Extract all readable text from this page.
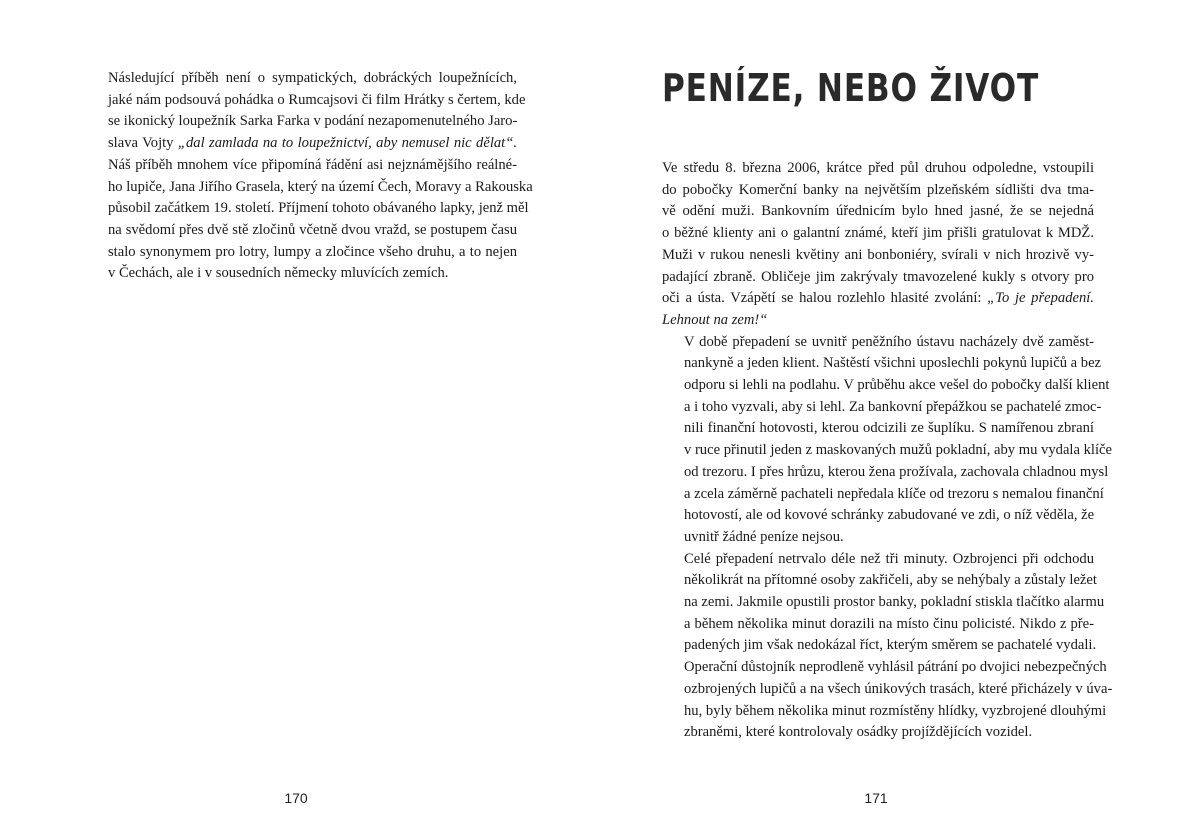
Následující příběh není o sympatických, dobráckých loupežnících,
jaké nám podsouvá pohádka o Rumcajsovi či film Hrátky s čertem, kde
se ikonický loupežník Sarka Farka v podání nezapomenutelného Jaro-
slava Vojty „dal zamlada na to loupežnictví, aby nemusel nic dělat“.

Náš příběh mnohem více připomíná řádění asi nejznámějšího reálné-
ho lupiče, Jana Jiřího Grasela, který na území Čech, Moravy a Rakouska
působil začátkem 19. století. Příjmení tohoto obávaného lapky, jenž měl
na svědomí přes dvě stě zločinů včetně dvou vražd, se postupem času
stalo synonymem pro lotry, lumpy a zločince všeho druhu, a to nejen
v Čechách, ale i v sousedních německy mluvících zemích.

170
PENÍZE, NEBO ŽIVOT

Ve středu 8. března 2006, krátce před půl druhou odpoledne, vstoupili
do pobočky Komerční banky na největším plzeňském sídlišti dva tma-
vě odění muži. Bankovním úřednicím bylo hned jasné, že se nejedná
o běžné klienty ani o galantní známé, kteří jim přišli gratulovat k MDŽ.
Muži v rukou nenesli květiny ani bonboniéry, svírali v nich hrozivě vy-
padající zbraně. Obličeje jim zakrývaly tmavozelené kukly s otvory pro
oči a ústa. Vzápětí se halou rozlehlo hlasité zvolání: „To je přepadení.
Lehnout na zem!“

V době přepadení se uvnitř peněžního ústavu nacházely dvě zaměst-
nankyně a jeden klient. Naštěstí všichni uposlechli pokynů lupičů a bez
odporu si lehli na podlahu. V průběhu akce vešel do pobočky další klient
a i toho vyzvali, aby si lehl. Za bankovní přepážkou se pachatelé zmoc-
nili finanční hotovosti, kterou odcizili ze šuplíku. S namířenou zbraní
v ruce přinutil jeden z maskovaných mužů pokladní, aby mu vydala klíče
od trezoru. I přes hrůzu, kterou žena prožívala, zachovala chladnou mysl
a zcela záměrně pachateli nepředala klíče od trezoru s nemalou finanční
hotovostí, ale od kovové schránky zabudované ve zdi, o níž věděla, že
uvnitř žádné peníze nejsou.

Celé přepadení netrvalo déle než tři minuty. Ozbrojenci při odchodu
několikrát na přítomné osoby zakřičeli, aby se nehýbaly a zůstaly ležet
na zemi. Jakmile opustili prostor banky, pokladní stiskla tlačítko alarmu
a během několika minut dorazili na místo činu policisté. Nikdo z pře-
padených jim však nedokázal říct, kterým směrem se pachatelé vydali.
Operační důstojník neprodleně vyhlásil pátrání po dvojici nebezpečných
ozbrojených lupičů a na všech únikových trasách, které přicházely v úva-
hu, byly během několika minut rozmístěny hlídky, vyzbrojené dlouhými
zbraněmi, které kontrolovaly osádky projíždějících vozidel.

171
